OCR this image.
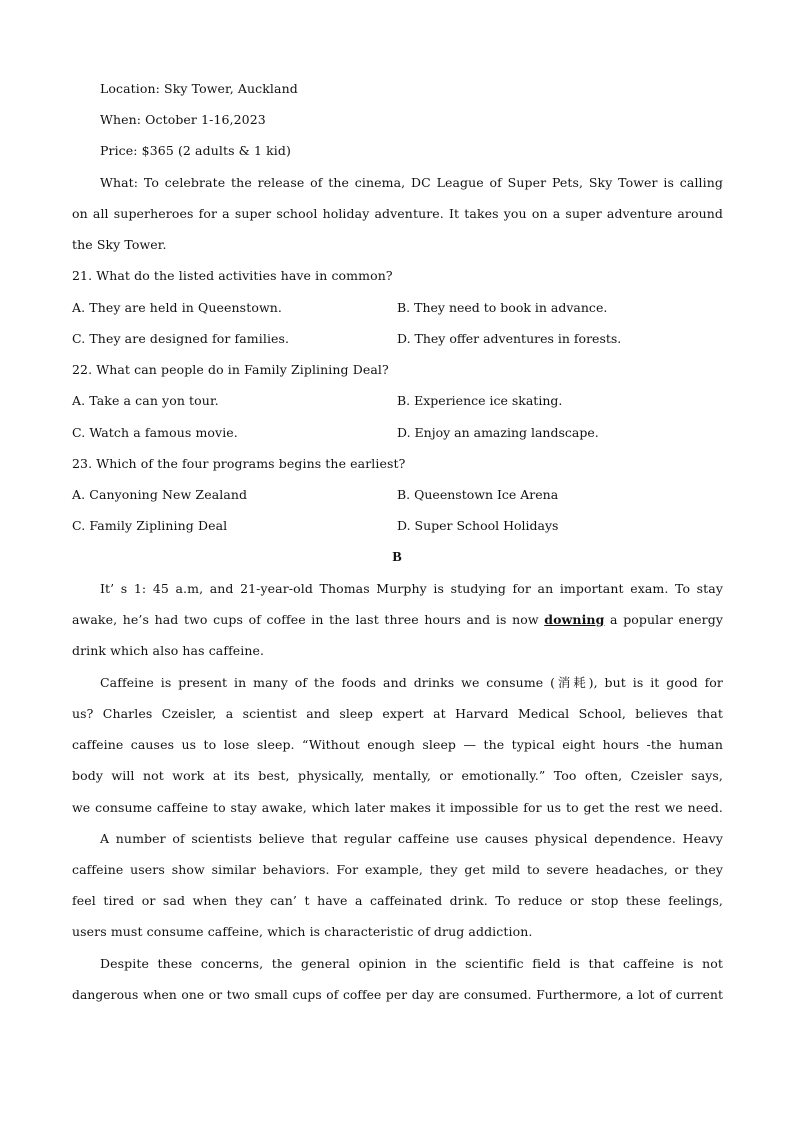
Location: Sky Tower, Auckland
When: October 1-16,2023
Price: $365 (2 adults & 1 kid)
What: To celebrate the release of the cinema, DC League of Super Pets, Sky Tower is calling
on all superheroes for a super school holiday adventure. It takes you on a super adventure around
the Sky Tower.
21. What do the listed activities have in common?
A. They are held in Queenstown.	B. They need to book in advance.
C. They are designed for families.	D. They offer adventures in forests.
22. What can people do in Family Ziplining Deal?
A. Take a can yon tour.	B. Experience ice skating.
C. Watch a famous movie.	D. Enjoy an amazing landscape.
23. Which of the four programs begins the earliest?
A. Canyoning New Zealand	B. Queenstown Ice Arena
C. Family Ziplining Deal	D. Super School Holidays
B
It’ s 1: 45 a.m, and 21-year-old Thomas Murphy is studying for an important exam. To stay
awake, he’s had two cups of coffee in the last three hours and is now downing a popular energy
drink which also has caffeine.
Caffeine is present in many of the foods and drinks we consume (消耗), but is it good for
us? Charles Czeisler, a scientist and sleep expert at Harvard Medical School, believes that
caffeine causes us to lose sleep. “Without enough sleep — the typical eight hours -the human
body will not work at its best, physically, mentally, or emotionally.” Too often, Czeisler says,
we consume caffeine to stay awake, which later makes it impossible for us to get the rest we need.
A number of scientists believe that regular caffeine use causes physical dependence. Heavy
caffeine users show similar behaviors. For example, they get mild to severe headaches, or they
feel tired or sad when they can’ t have a caffeinated drink. To reduce or stop these feelings,
users must consume caffeine, which is characteristic of drug addiction.
Despite these concerns, the general opinion in the scientific field is that caffeine is not
dangerous when one or two small cups of coffee per day are consumed. Furthermore, a lot of current
